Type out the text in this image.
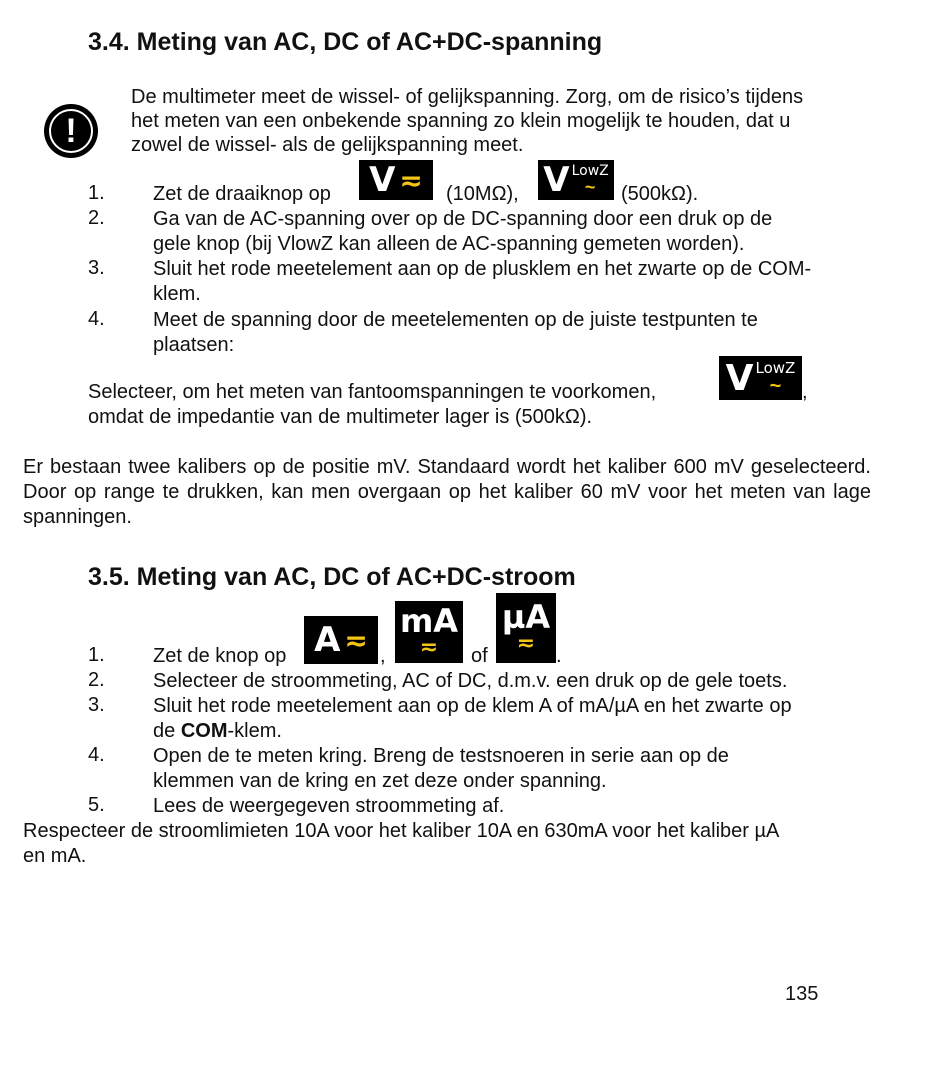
3.4. Meting van AC, DC of AC+DC-spanning
!
De multimeter meet de wissel- of gelijkspanning. Zorg, om de risico’s tijdens
het meten van een onbekende spanning zo klein mogelijk te houden, dat u
zowel de wissel- als de gelijkspanning meet.
1. Zet de draaiknop op V ≂ (10MΩ), V LowZ
~ (500kΩ).
2. Ga van de AC-spanning over op de DC-spanning door een druk op de
gele knop (bij VlowZ kan alleen de AC-spanning gemeten worden).
3. Sluit het rode meetelement aan op de plusklem en het zwarte op de COM-
klem.
4. Meet de spanning door de meetelementen op de juiste testpunten te
plaatsen:
Selecteer, om het meten van fantoomspanningen te voorkomen, V LowZ
~ ,
omdat de impedantie van de multimeter lager is (500kΩ).
Er bestaan twee kalibers op de positie mV. Standaard wordt het kaliber 600 mV geselecteerd. Door op range te drukken, kan men overgaan op het kaliber 60 mV voor het meten van lage spanningen.
3.5. Meting van AC, DC of AC+DC-stroom
1. Zet de knop op A ≂ ,
mA
≂ of
µA
≂ .
2. Selecteer de stroommeting, AC of DC, d.m.v. een druk op de gele toets.
3. Sluit het rode meetelement aan op de klem A of mA/µA en het zwarte op
de COM-klem.
4. Open de te meten kring. Breng de testsnoeren in serie aan op de
klemmen van de kring en zet deze onder spanning.
5. Lees de weergegeven stroommeting af.
Respecteer de stroomlimieten 10A voor het kaliber 10A en 630mA voor het kaliber µA
en mA.
135
